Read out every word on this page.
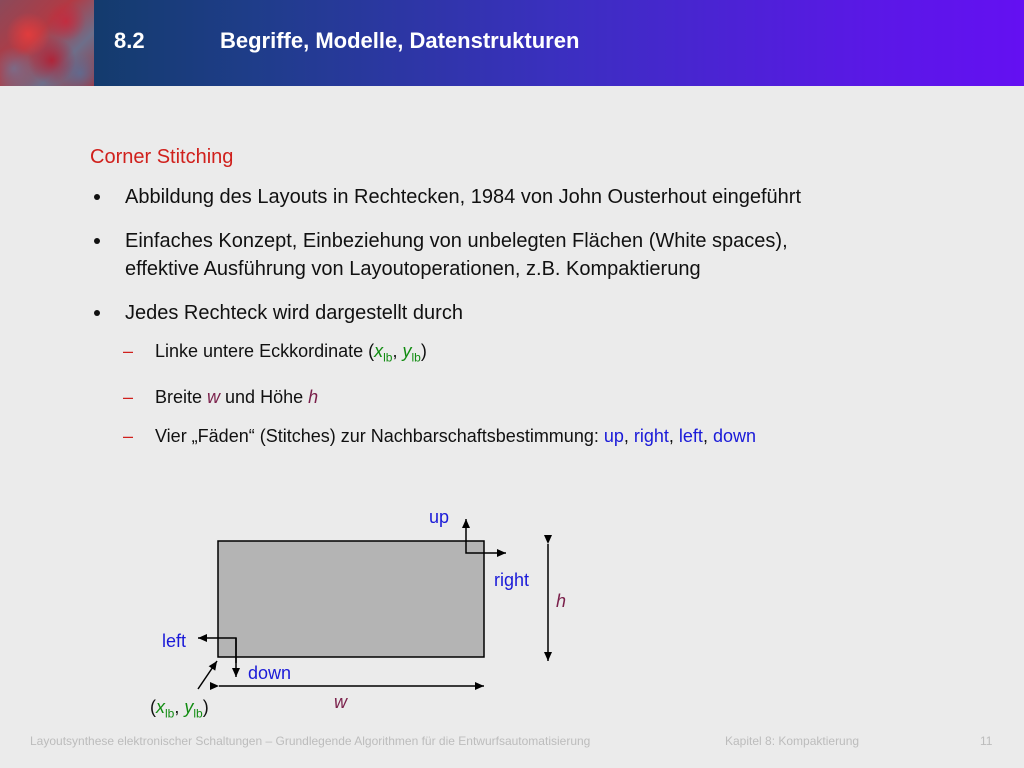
8.2	Begriffe, Modelle, Datenstrukturen
Corner Stitching
Abbildung des Layouts in Rechtecken, 1984 von John Ousterhout eingeführt
Einfaches Konzept, Einbeziehung von unbelegten Flächen (White spaces),
effektive Ausführung von Layoutoperationen, z.B. Kompaktierung
Jedes Rechteck wird dargestellt durch
– Linke untere Eckkordinate ($x_{lb}$, $y_{lb}$)
– Breite w und Höhe h
– Vier „Fäden“ (Stitches) zur Nachbarschaftsbestimmung: up, right, left, down
up
right
h
left
down
w
($x_{lb}$, $y_{lb}$)
Layoutsynthese elektronischer Schaltungen – Grundlegende Algorithmen für die Entwurfsautomatisierung	Kapitel 8: Kompaktierung	11
